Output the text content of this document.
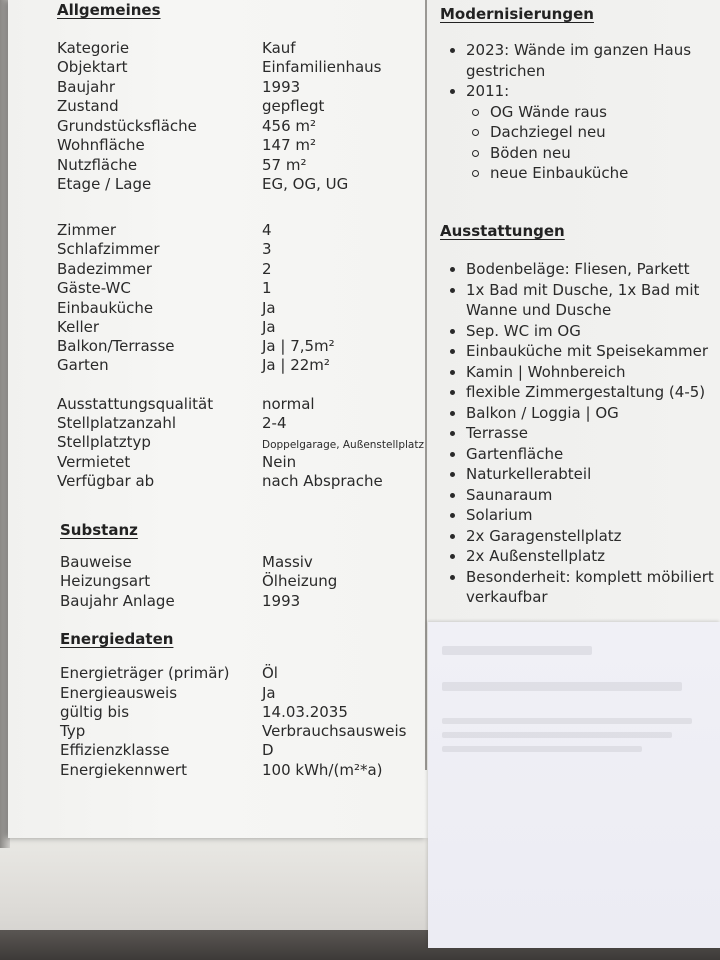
Allgemeines
Substanz
Energiedaten
Kategorie	Kauf
Objektart	Einfamilienhaus
Baujahr	1993
Zustand	gepflegt
Grundstücksfläche	456 m²
Wohnfläche	147 m²
Nutzfläche	57 m²
Etage / Lage	EG, OG, UG
Zimmer	4
Schlafzimmer	3
Badezimmer	2
Gäste-WC	1
Einbauküche	Ja
Keller	Ja
Balkon/Terrasse	Ja | 7,5m²
Garten	Ja | 22m²
Ausstattungsqualität	normal
Stellplatzanzahl	2-4
Stellplatztyp	Doppelgarage, Außenstellplatz
Vermietet	Nein
Verfügbar ab	nach Absprache
Bauweise	Massiv
Heizungsart	Ölheizung
Baujahr Anlage	1993
Energieträger (primär) Öl
Energieausweis	Ja
gültig bis	14.03.2035
Typ	Verbrauchsausweis
Effizienzklasse	D
Energiekennwert	100 kWh/(m²*a)
Modernisierungen
2023: Wände im ganzen Haus gestrichen
2011:
OG Wände raus
Dachziegel neu
Böden neu
neue Einbauküche
Ausstattungen
Bodenbeläge: Fliesen, Parkett
1x Bad mit Dusche, 1x Bad mit Wanne und Dusche
Sep. WC im OG
Einbauküche mit Speisekammer
Kamin | Wohnbereich
flexible Zimmergestaltung (4-5)
Balkon / Loggia | OG
Terrasse
Gartenfläche
Naturkellerabteil
Saunaraum
Solarium
2x Garagenstellplatz
2x Außenstellplatz
Besonderheit: komplett möbiliert verkaufbar
